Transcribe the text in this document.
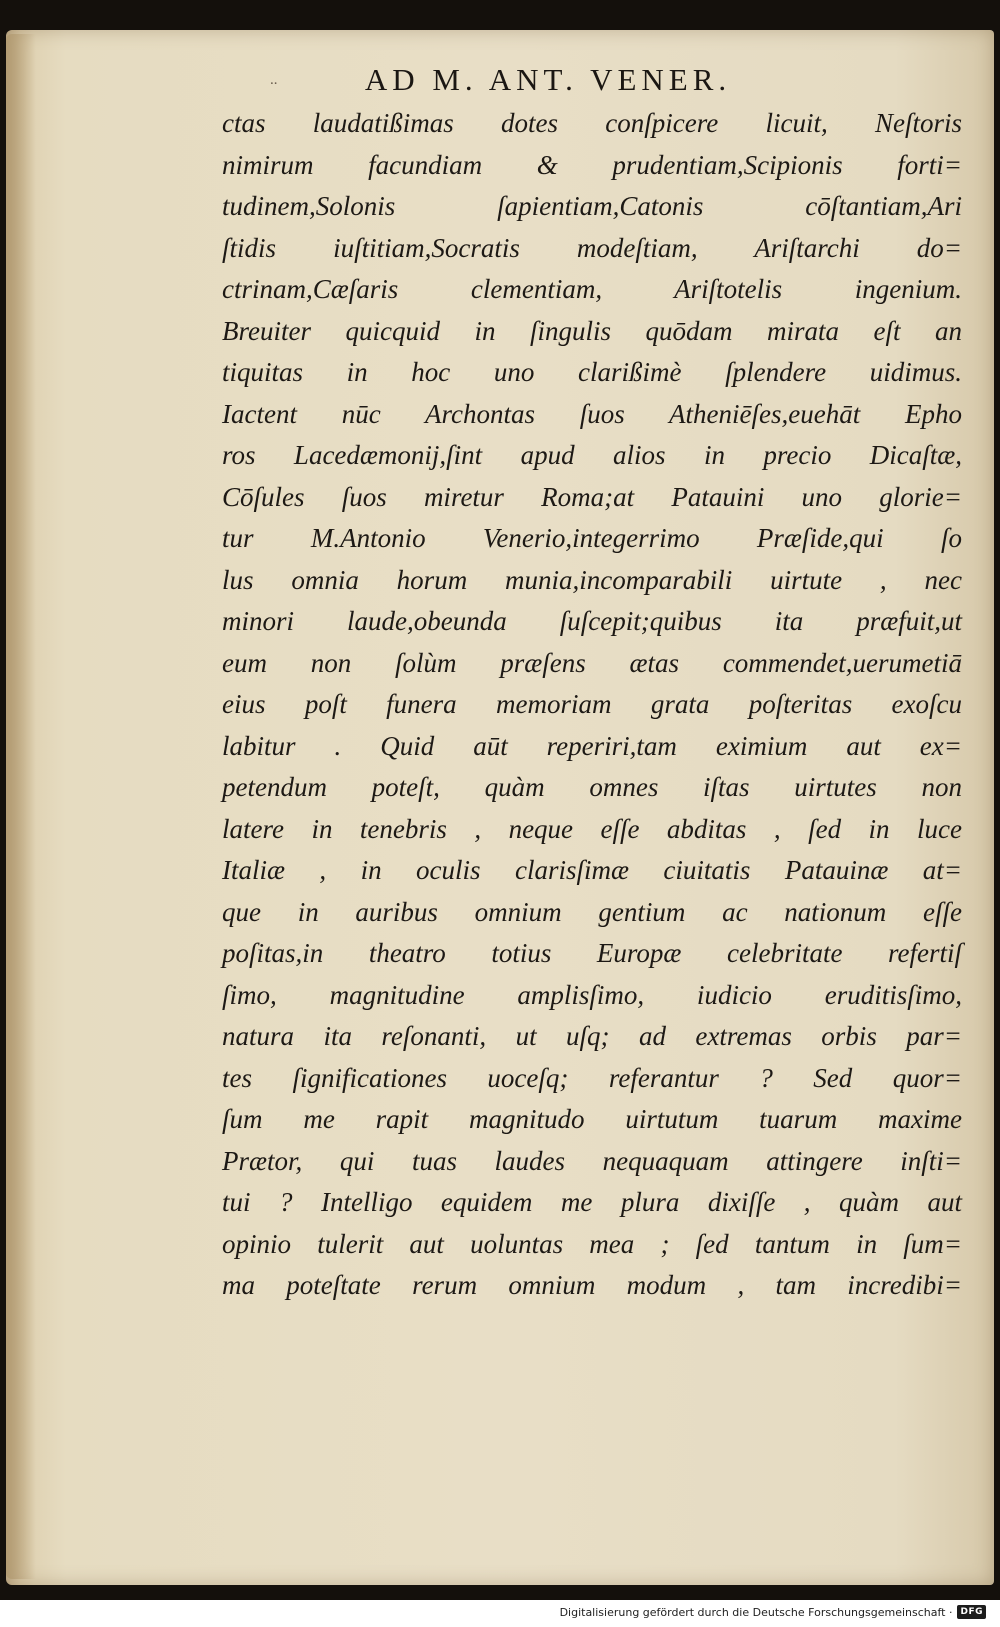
..	AD M. ANT. VENER.
ctas laudatißimas dotes conſpicere licuit, Neſtoris
nimirum facundiam & prudentiam,Scipionis forti=
tudinem,Solonis ſapientiam,Catonis cōſtantiam,Ari
ſtidis iuſtitiam,Socratis modeſtiam, Ariſtarchi do=
ctrinam,Cæſaris clementiam, Ariſtotelis ingenium.
Breuiter quicquid in ſingulis quōdam mirata eſt an
tiquitas in hoc uno clarißimè ſplendere uidimus.
Iactent nūc Archontas ſuos Atheniēſes,euehāt Epho
ros Lacedæmonij,ſint apud alios in precio Dicaſtæ,
Cōſules ſuos miretur Roma;at Patauini uno glorie=
tur M.Antonio Venerio,integerrimo Præſide,qui ſo
lus omnia horum munia,incomparabili uirtute , nec
minori laude,obeunda ſuſcepit;quibus ita præfuit,ut
eum non ſolùm præſens ætas commendet,uerumetiā
eius poſt funera memoriam grata poſteritas exoſcu
labitur . Quid aūt reperiri,tam eximium aut ex=
petendum poteſt, quàm omnes iſtas uirtutes non
latere in tenebris , neque eſſe abditas , ſed in luce
Italiæ , in oculis clarisſimæ ciuitatis Patauinæ at=
que in auribus omnium gentium ac nationum eſſe
poſitas,in theatro totius Europæ celebritate refertiſ
ſimo, magnitudine amplisſimo, iudicio eruditisſimo,
natura ita reſonanti, ut uſq; ad extremas orbis par=
tes ſignificationes uoceſq; referantur ? Sed quor=
ſum me rapit magnitudo uirtutum tuarum maxime
Prætor, qui tuas laudes nequaquam attingere inſti=
tui ? Intelligo equidem me plura dixiſſe , quàm aut
opinio tulerit aut uoluntas mea ; ſed tantum in ſum=
ma poteſtate rerum omnium modum , tam incredibi=
Digitalisierung gefördert durch die Deutsche Forschungsgemeinschaft · DFG
